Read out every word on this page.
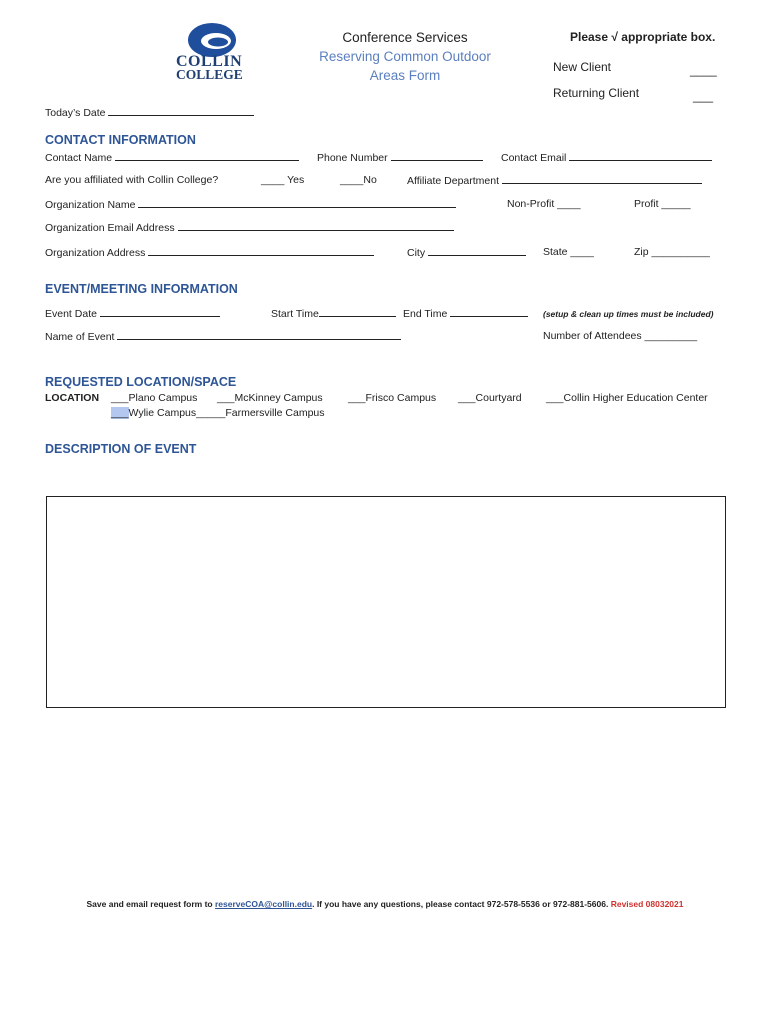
COLLIN
COLLEGE
Conference Services
Reserving Common Outdoor
Areas Form
Please √ appropriate box.
New Client	____
Returning Client	___
Today’s Date
CONTACT INFORMATION
Contact Name	Phone Number	Contact Email
Are you affiliated with Collin College?	____ Yes	____No	Affiliate Department
Organization Name	Non-Profit ____	Profit _____
Organization Email Address
Organization Address	City	State ____	Zip __________
EVENT/MEETING INFORMATION
Event Date	Start Time	End Time	(setup & clean up times must be included)
Name of Event	Number of Attendees _________
REQUESTED LOCATION/SPACE
LOCATION ___Plano Campus ___McKinney Campus ___Frisco Campus ___Courtyard ___Collin Higher Education Center
___Wylie Campus_____Farmersville Campus
DESCRIPTION OF EVENT
Save and email request form to reserveCOA@collin.edu. If you have any questions, please contact 972-578-5536 or 972-881-5606. Revised 08032021
